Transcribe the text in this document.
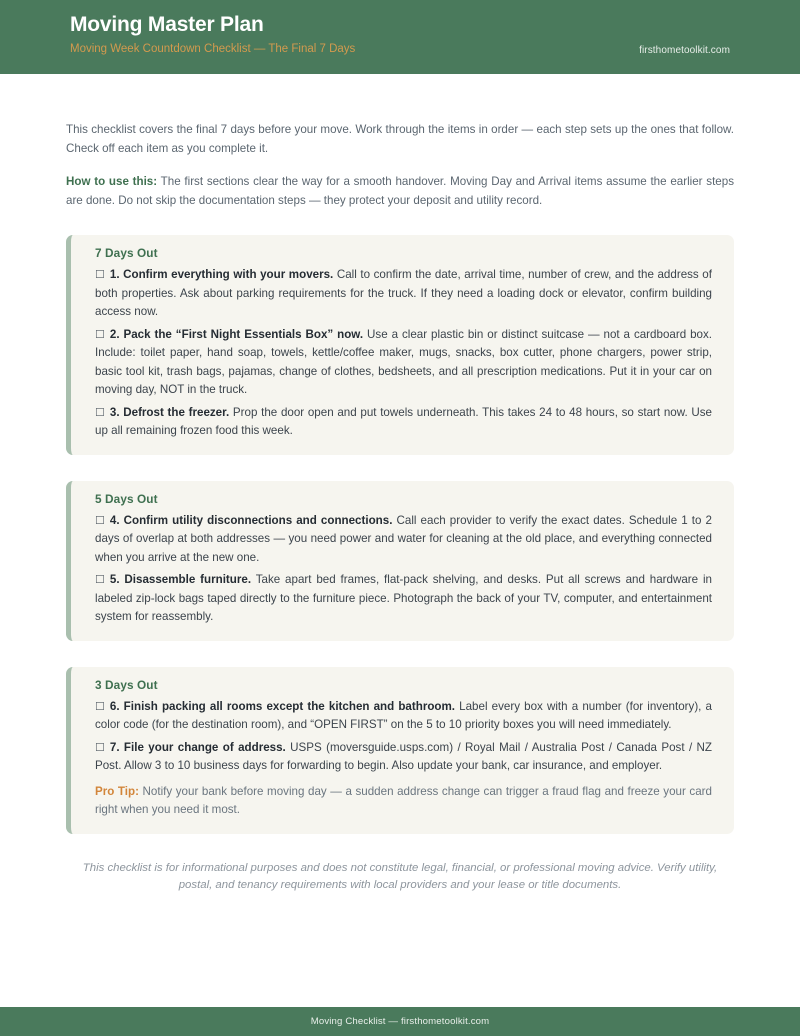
Moving Master Plan
Moving Week Countdown Checklist — The Final 7 Days	firsthometoolkit.com

This checklist covers the final 7 days before your move. Work through the items in order — each step sets up the ones that follow. Check off each item as you complete it.

How to use this: The first sections clear the way for a smooth handover. Moving Day and Arrival items assume the earlier steps are done. Do not skip the documentation steps — they protect your deposit and utility record.

7 Days Out

☐ 1. Confirm everything with your movers. Call to confirm the date, arrival time, number of crew, and the address of both properties. Ask about parking requirements for the truck. If they need a loading dock or elevator, confirm building access now.

☐ 2. Pack the “First Night Essentials Box” now. Use a clear plastic bin or distinct suitcase — not a cardboard box. Include: toilet paper, hand soap, towels, kettle/coffee maker, mugs, snacks, box cutter, phone chargers, power strip, basic tool kit, trash bags, pajamas, change of clothes, bedsheets, and all prescription medications. Put it in your car on moving day, NOT in the truck.

☐ 3. Defrost the freezer. Prop the door open and put towels underneath. This takes 24 to 48 hours, so start now. Use up all remaining frozen food this week.

5 Days Out

☐ 4. Confirm utility disconnections and connections. Call each provider to verify the exact dates. Schedule 1 to 2 days of overlap at both addresses — you need power and water for cleaning at the old place, and everything connected when you arrive at the new one.

☐ 5. Disassemble furniture. Take apart bed frames, flat-pack shelving, and desks. Put all screws and hardware in labeled zip-lock bags taped directly to the furniture piece. Photograph the back of your TV, computer, and entertainment system for reassembly.

3 Days Out

☐ 6. Finish packing all rooms except the kitchen and bathroom. Label every box with a number (for inventory), a color code (for the destination room), and “OPEN FIRST” on the 5 to 10 priority boxes you will need immediately.

☐ 7. File your change of address. USPS (moversguide.usps.com) / Royal Mail / Australia Post / Canada Post / NZ Post. Allow 3 to 10 business days for forwarding to begin. Also update your bank, car insurance, and employer.

Pro Tip: Notify your bank before moving day — a sudden address change can trigger a fraud flag and freeze your card right when you need it most.

This checklist is for informational purposes and does not constitute legal, financial, or professional moving advice. Verify utility, postal, and tenancy requirements with local providers and your lease or title documents.
Moving Checklist — firsthometoolkit.com
